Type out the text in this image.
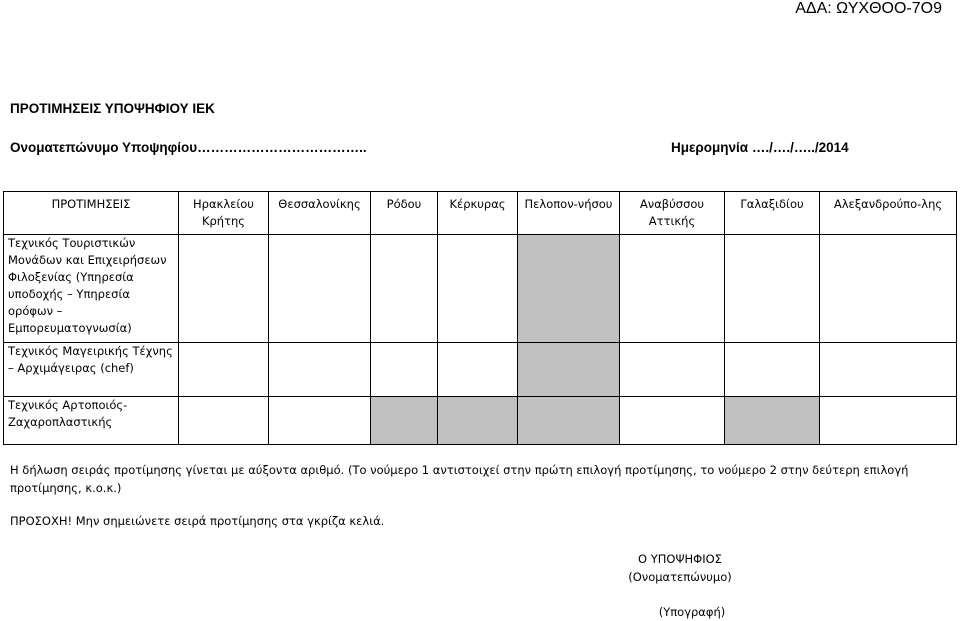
ΑΔΑ: ΩΥΧΘΟΟ-7Ο9
ΠΡΟΤΙΜΗΣΕΙΣ ΥΠΟΨΗΦΙΟΥ ΙΕΚ
Ονοματεπώνυμο Υποψηφίου………………………………..	Ημερομηνία …./…./…../2014
ΠΡΟΤΙΜΗΣΕΙΣ	Ηρακλείου Κρήτης	Θεσσαλονίκης	Ρόδου	Κέρκυρας	Πελοπον-νήσου	Αναβύσσου Αττικής	Γαλαξιδίου	Αλεξανδρούπο-λης
Τεχνικός Τουριστικών Μονάδων και Επιχειρήσεων Φιλοξενίας (Υπηρεσία υποδοχής – Υπηρεσία ορόφων – Εμπορευματογνωσία)								
Τεχνικός Μαγειρικής Τέχνης – Αρχιμάγειρας (chef)								
Τεχνικός Αρτοποιός-Ζαχαροπλαστικής								
Η δήλωση σειράς προτίμησης γίνεται με αύξοντα αριθμό. (Το νούμερο 1 αντιστοιχεί στην πρώτη επιλογή προτίμησης, το νούμερο 2 στην δεύτερη επιλογή προτίμησης, κ.ο.κ.)
ΠΡΟΣΟΧΗ! Μην σημειώνετε σειρά προτίμησης στα γκρίζα κελιά.
Ο ΥΠΟΨΗΦΙΟΣ
(Ονοματεπώνυμο)
(Υπογραφή)
